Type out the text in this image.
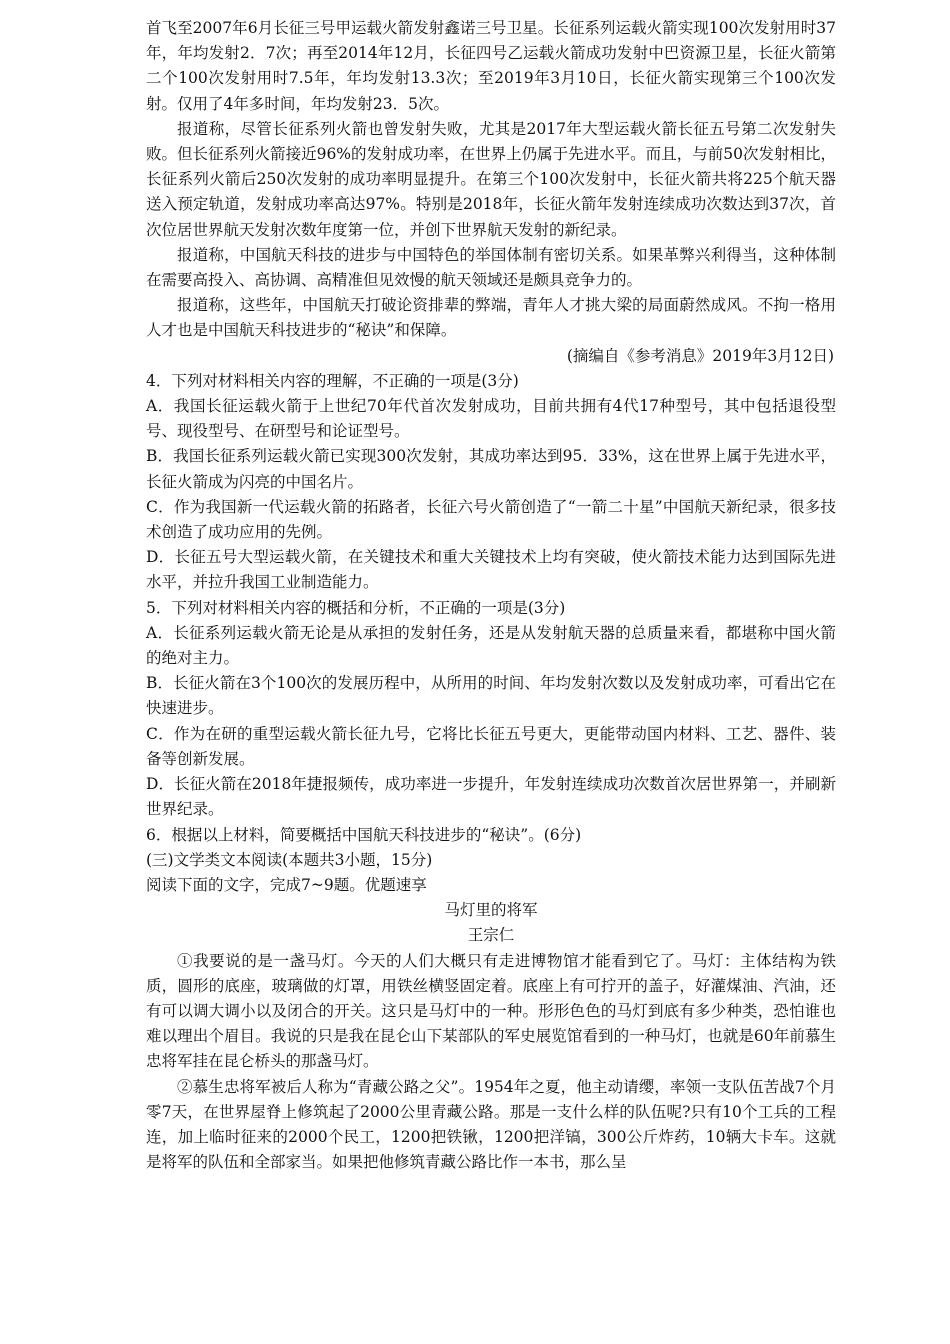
首飞至2007年6月长征三号甲运载火箭发射鑫诺三号卫星。长征系列运载火箭实现100次发射用时37年，年均发射2．7次；再至2014年12月，长征四号乙运载火箭成功发射中巴资源卫星，长征火箭第二个100次发射用时7.5年，年均发射13.3次；至2019年3月10日，长征火箭实现第三个100次发射。仅用了4年多时间，年均发射23．5次。

报道称，尽管长征系列火箭也曾发射失败，尤其是2017年大型运载火箭长征五号第二次发射失败。但长征系列火箭接近96%的发射成功率，在世界上仍属于先进水平。而且，与前50次发射相比，长征系列火箭后250次发射的成功率明显提升。在第三个100次发射中，长征火箭共将225个航天器送入预定轨道，发射成功率高达97%。特别是2018年，长征火箭年发射连续成功次数达到37次，首次位居世界航天发射次数年度第一位，并创下世界航天发射的新纪录。

报道称，中国航天科技的进步与中国特色的举国体制有密切关系。如果革弊兴利得当，这种体制在需要高投入、高协调、高精准但见效慢的航天领域还是颇具竞争力的。

报道称，这些年，中国航天打破论资排辈的弊端，青年人才挑大梁的局面蔚然成风。不拘一格用人才也是中国航天科技进步的“秘诀”和保障。

(摘编自《参考消息》2019年3月12日)

4．下列对材料相关内容的理解，不正确的一项是(3分)

A．我国长征运载火箭于上世纪70年代首次发射成功，目前共拥有4代17种型号，其中包括退役型号、现役型号、在研型号和论证型号。

B．我国长征系列运载火箭已实现300次发射，其成功率达到95．33%，这在世界上属于先进水平，长征火箭成为闪亮的中国名片。

C．作为我国新一代运载火箭的拓路者，长征六号火箭创造了“一箭二十星”中国航天新纪录，很多技术创造了成功应用的先例。

D．长征五号大型运载火箭，在关键技术和重大关键技术上均有突破，使火箭技术能力达到国际先进水平，并拉升我国工业制造能力。

5．下列对材料相关内容的概括和分析，不正确的一项是(3分)

A．长征系列运载火箭无论是从承担的发射任务，还是从发射航天器的总质量来看，都堪称中国火箭的绝对主力。

B．长征火箭在3个100次的发展历程中，从所用的时间、年均发射次数以及发射成功率，可看出它在快速进步。

C．作为在研的重型运载火箭长征九号，它将比长征五号更大，更能带动国内材料、工艺、器件、装备等创新发展。

D．长征火箭在2018年捷报频传，成功率进一步提升，年发射连续成功次数首次居世界第一，并刷新世界纪录。

6．根据以上材料，简要概括中国航天科技进步的“秘诀”。(6分)

(三)文学类文本阅读(本题共3小题，15分)

阅读下面的文字，完成7~9题。优题速享

马灯里的将军

王宗仁

①我要说的是一盏马灯。今天的人们大概只有走进博物馆才能看到它了。马灯：主体结构为铁质，圆形的底座，玻璃做的灯罩，用铁丝横竖固定着。底座上有可拧开的盖子，好灌煤油、汽油，还有可以调大调小以及闭合的开关。这只是马灯中的一种。形形色色的马灯到底有多少种类，恐怕谁也难以理出个眉目。我说的只是我在昆仑山下某部队的军史展览馆看到的一种马灯，也就是60年前慕生忠将军挂在昆仑桥头的那盏马灯。

②慕生忠将军被后人称为“青藏公路之父”。1954年之夏，他主动请缨，率领一支队伍苦战7个月零7天，在世界屋脊上修筑起了2000公里青藏公路。那是一支什么样的队伍呢?只有10个工兵的工程连，加上临时征来的2000个民工，1200把铁锹，1200把洋镐，300公斤炸药，10辆大卡车。这就是将军的队伍和全部家当。如果把他修筑青藏公路比作一本书，那么呈
